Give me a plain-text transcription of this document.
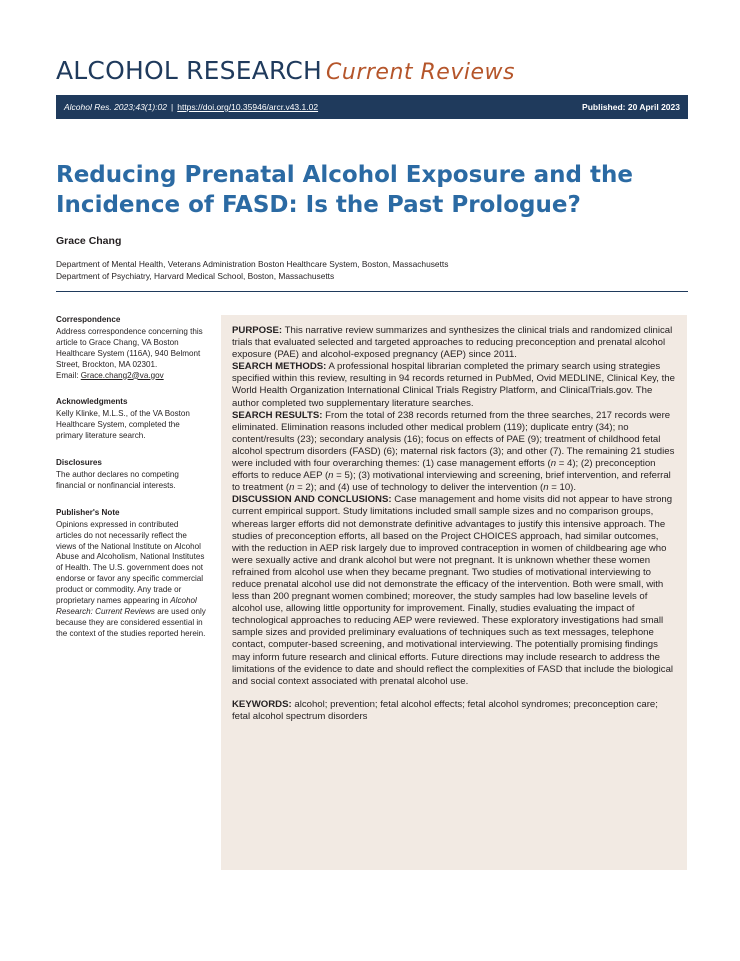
ALCOHOL RESEARCH Current Reviews
Alcohol Res. 2023;43(1):02 | https://doi.org/10.35946/arcr.v43.1.02	Published: 20 April 2023
Reducing Prenatal Alcohol Exposure and the Incidence of FASD: Is the Past Prologue?
Grace Chang
Department of Mental Health, Veterans Administration Boston Healthcare System, Boston, Massachusetts
Department of Psychiatry, Harvard Medical School, Boston, Massachusetts
Correspondence

Address correspondence concerning this article to Grace Chang, VA Boston Healthcare System (116A), 940 Belmont Street, Brockton, MA 02301.

Email: Grace.chang2@va.gov

Acknowledgments

Kelly Klinke, M.L.S., of the VA Boston Healthcare System, completed the primary literature search.

Disclosures

The author declares no competing financial or nonfinancial interests.

Publisher's Note

Opinions expressed in contributed articles do not necessarily reflect the views of the National Institute on Alcohol Abuse and Alcoholism, National Institutes of Health. The U.S. government does not endorse or favor any specific commercial product or commodity. Any trade or proprietary names appearing in Alcohol Research: Current Reviews are used only because they are considered essential in the context of the studies reported herein.

PURPOSE: This narrative review summarizes and synthesizes the clinical trials and randomized clinical trials that evaluated selected and targeted approaches to reducing preconception and prenatal alcohol exposure (PAE) and alcohol-exposed pregnancy (AEP) since 2011.

SEARCH METHODS: A professional hospital librarian completed the primary search using strategies specified within this review, resulting in 94 records returned in PubMed, Ovid MEDLINE, Clinical Key, the World Health Organization International Clinical Trials Registry Platform, and ClinicalTrials.gov. The author completed two supplementary literature searches.

SEARCH RESULTS: From the total of 238 records returned from the three searches, 217 records were eliminated. Elimination reasons included other medical problem (119); duplicate entry (34); no content/results (23); secondary analysis (16); focus on effects of PAE (9); treatment of childhood fetal alcohol spectrum disorders (FASD) (6); maternal risk factors (3); and other (7). The remaining 21 studies were included with four overarching themes: (1) case management efforts (n = 4); (2) preconception efforts to reduce AEP (n = 5); (3) motivational interviewing and screening, brief intervention, and referral to treatment (n = 2); and (4) use of technology to deliver the intervention (n = 10).

DISCUSSION AND CONCLUSIONS: Case management and home visits did not appear to have strong current empirical support. Study limitations included small sample sizes and no comparison groups, whereas larger efforts did not demonstrate definitive advantages to justify this intensive approach. The studies of preconception efforts, all based on the Project CHOICES approach, had similar outcomes, with the reduction in AEP risk largely due to improved contraception in women of childbearing age who were sexually active and drank alcohol but were not pregnant. It is unknown whether these women refrained from alcohol use when they became pregnant. Two studies of motivational interviewing to reduce prenatal alcohol use did not demonstrate the efficacy of the intervention. Both were small, with less than 200 pregnant women combined; moreover, the study samples had low baseline levels of alcohol use, allowing little opportunity for improvement. Finally, studies evaluating the impact of technological approaches to reducing AEP were reviewed. These exploratory investigations had small sample sizes and provided preliminary evaluations of techniques such as text messages, telephone contact, computer-based screening, and motivational interviewing. The potentially promising findings may inform future research and clinical efforts. Future directions may include research to address the limitations of the evidence to date and should reflect the complexities of FASD that include the biological and social context associated with prenatal alcohol use.

KEYWORDS: alcohol; prevention; fetal alcohol effects; fetal alcohol syndromes; preconception care; fetal alcohol spectrum disorders
